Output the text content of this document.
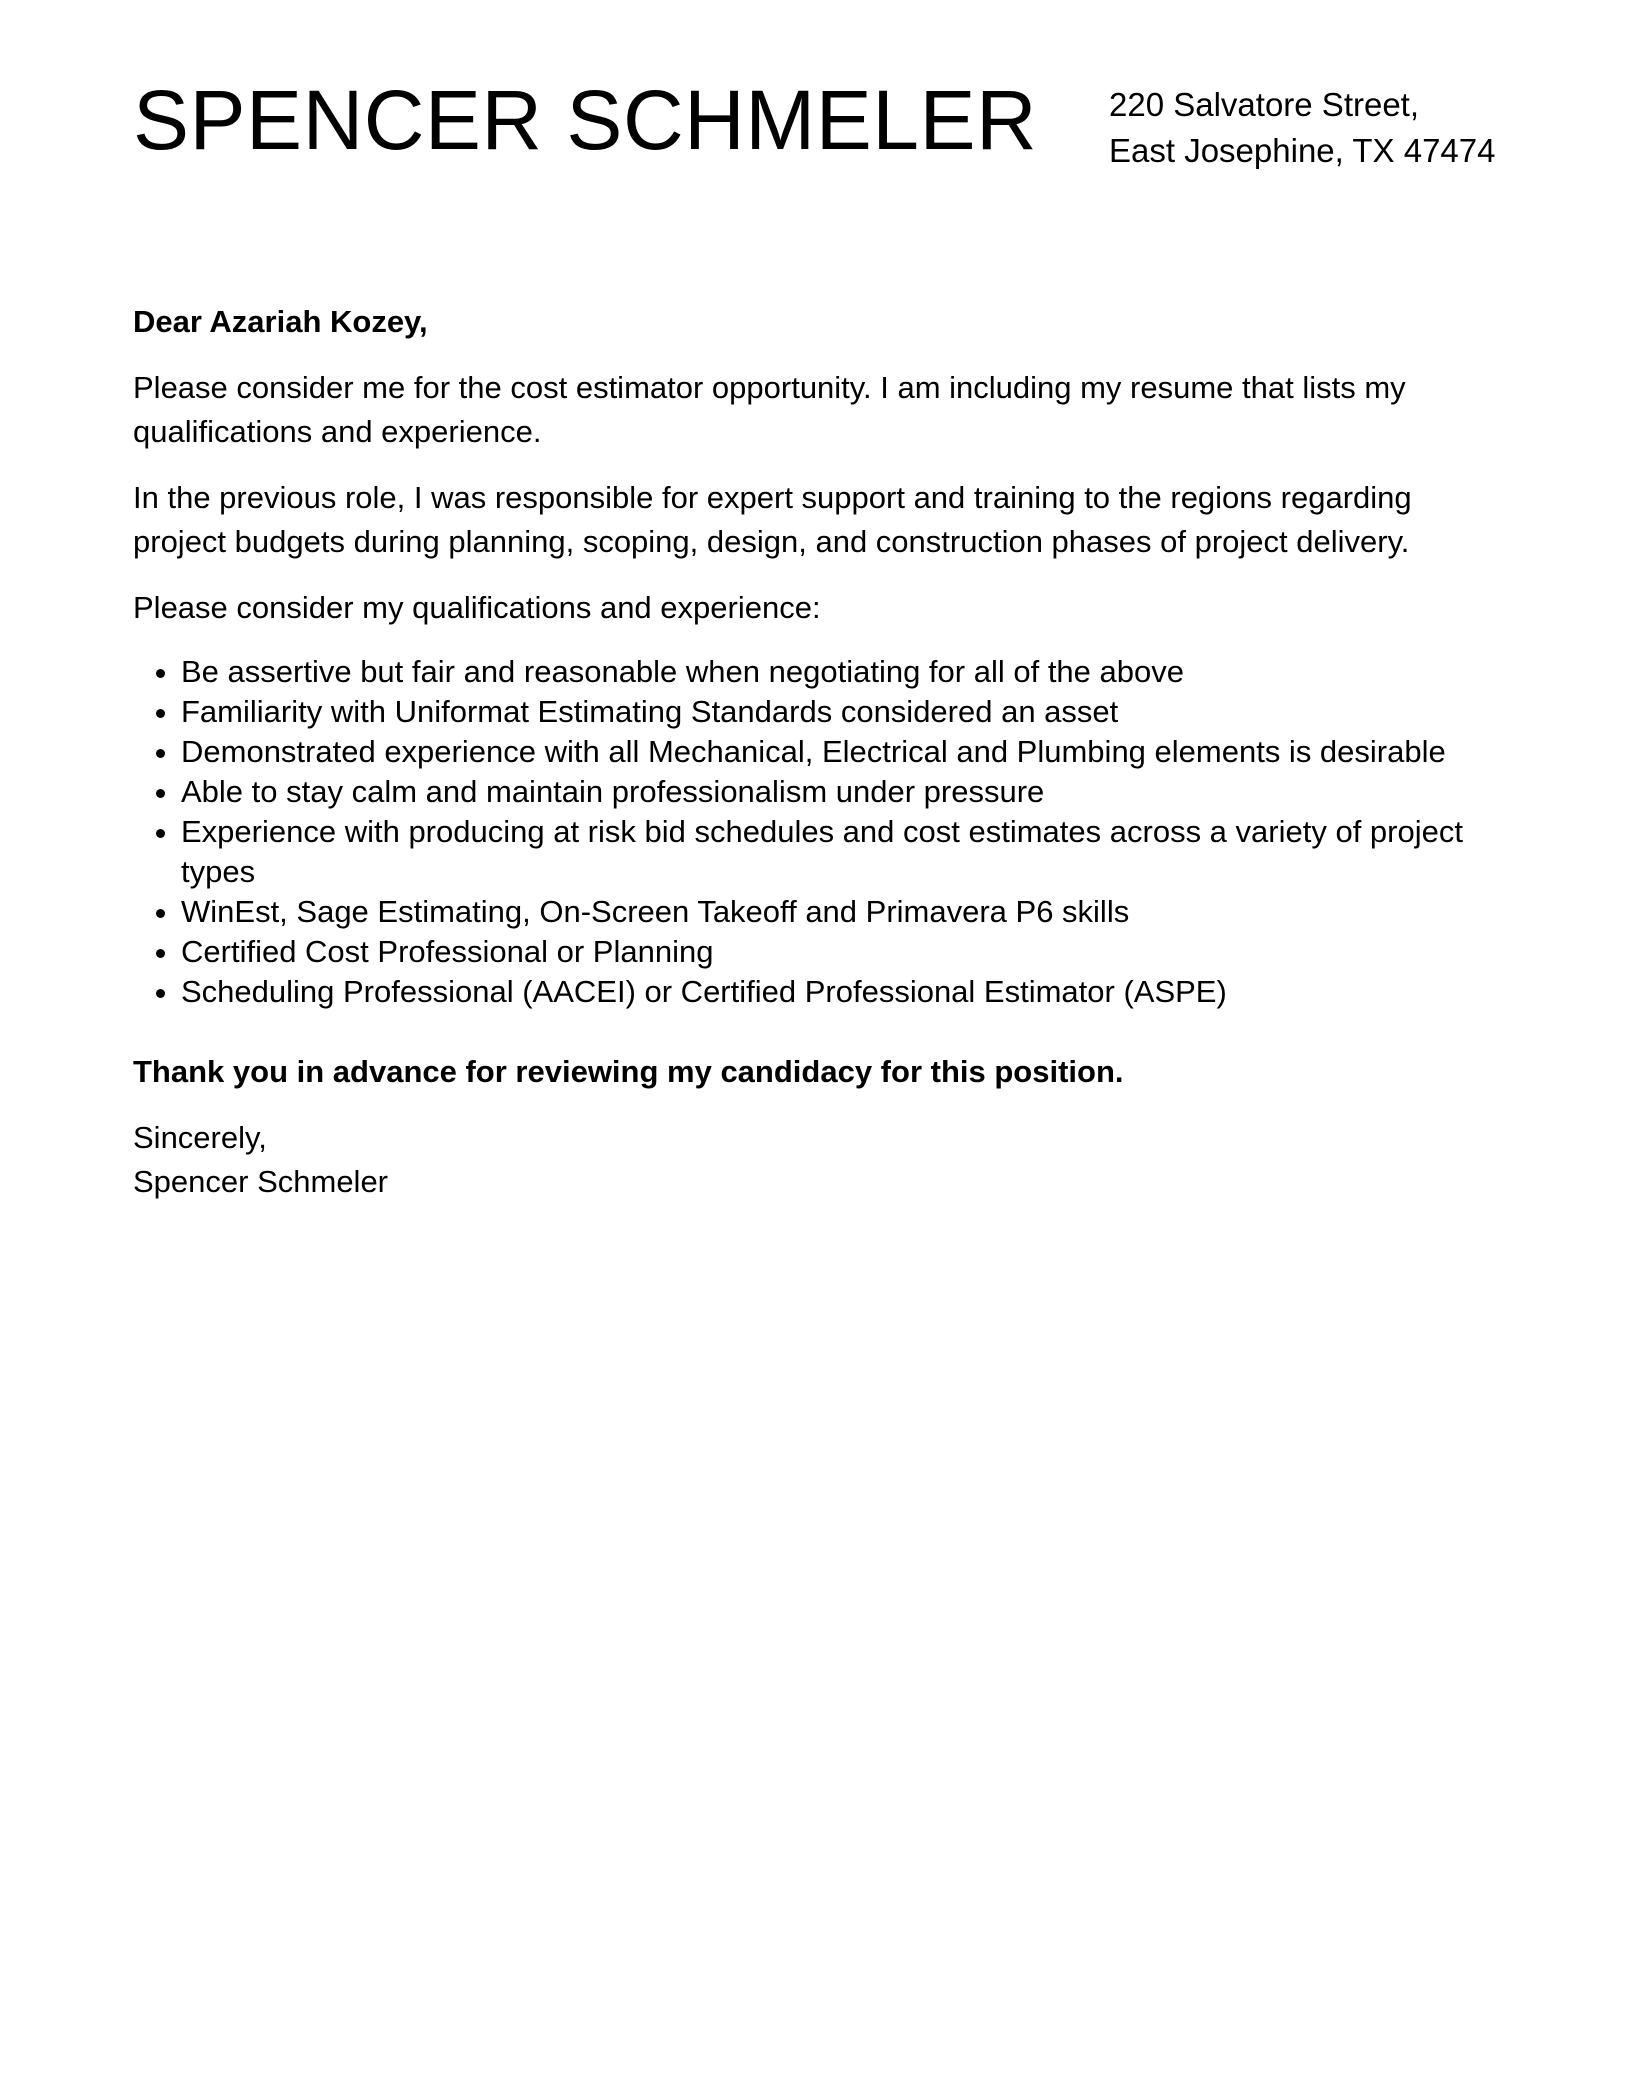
SPENCER SCHMELER 220 Salvatore Street,
East Josephine, TX 47474

Dear Azariah Kozey,

Please consider me for the cost estimator opportunity. I am including my resume that lists my qualifications and experience.

In the previous role, I was responsible for expert support and training to the regions regarding project budgets during planning, scoping, design, and construction phases of project delivery.

Please consider my qualifications and experience:

• Be assertive but fair and reasonable when negotiating for all of the above
• Familiarity with Uniformat Estimating Standards considered an asset
• Demonstrated experience with all Mechanical, Electrical and Plumbing elements is desirable
• Able to stay calm and maintain professionalism under pressure
• Experience with producing at risk bid schedules and cost estimates across a variety of project types
• WinEst, Sage Estimating, On-Screen Takeoff and Primavera P6 skills
• Certified Cost Professional or Planning
• Scheduling Professional (AACEI) or Certified Professional Estimator (ASPE)

Thank you in advance for reviewing my candidacy for this position.

Sincerely,

Spencer Schmeler
